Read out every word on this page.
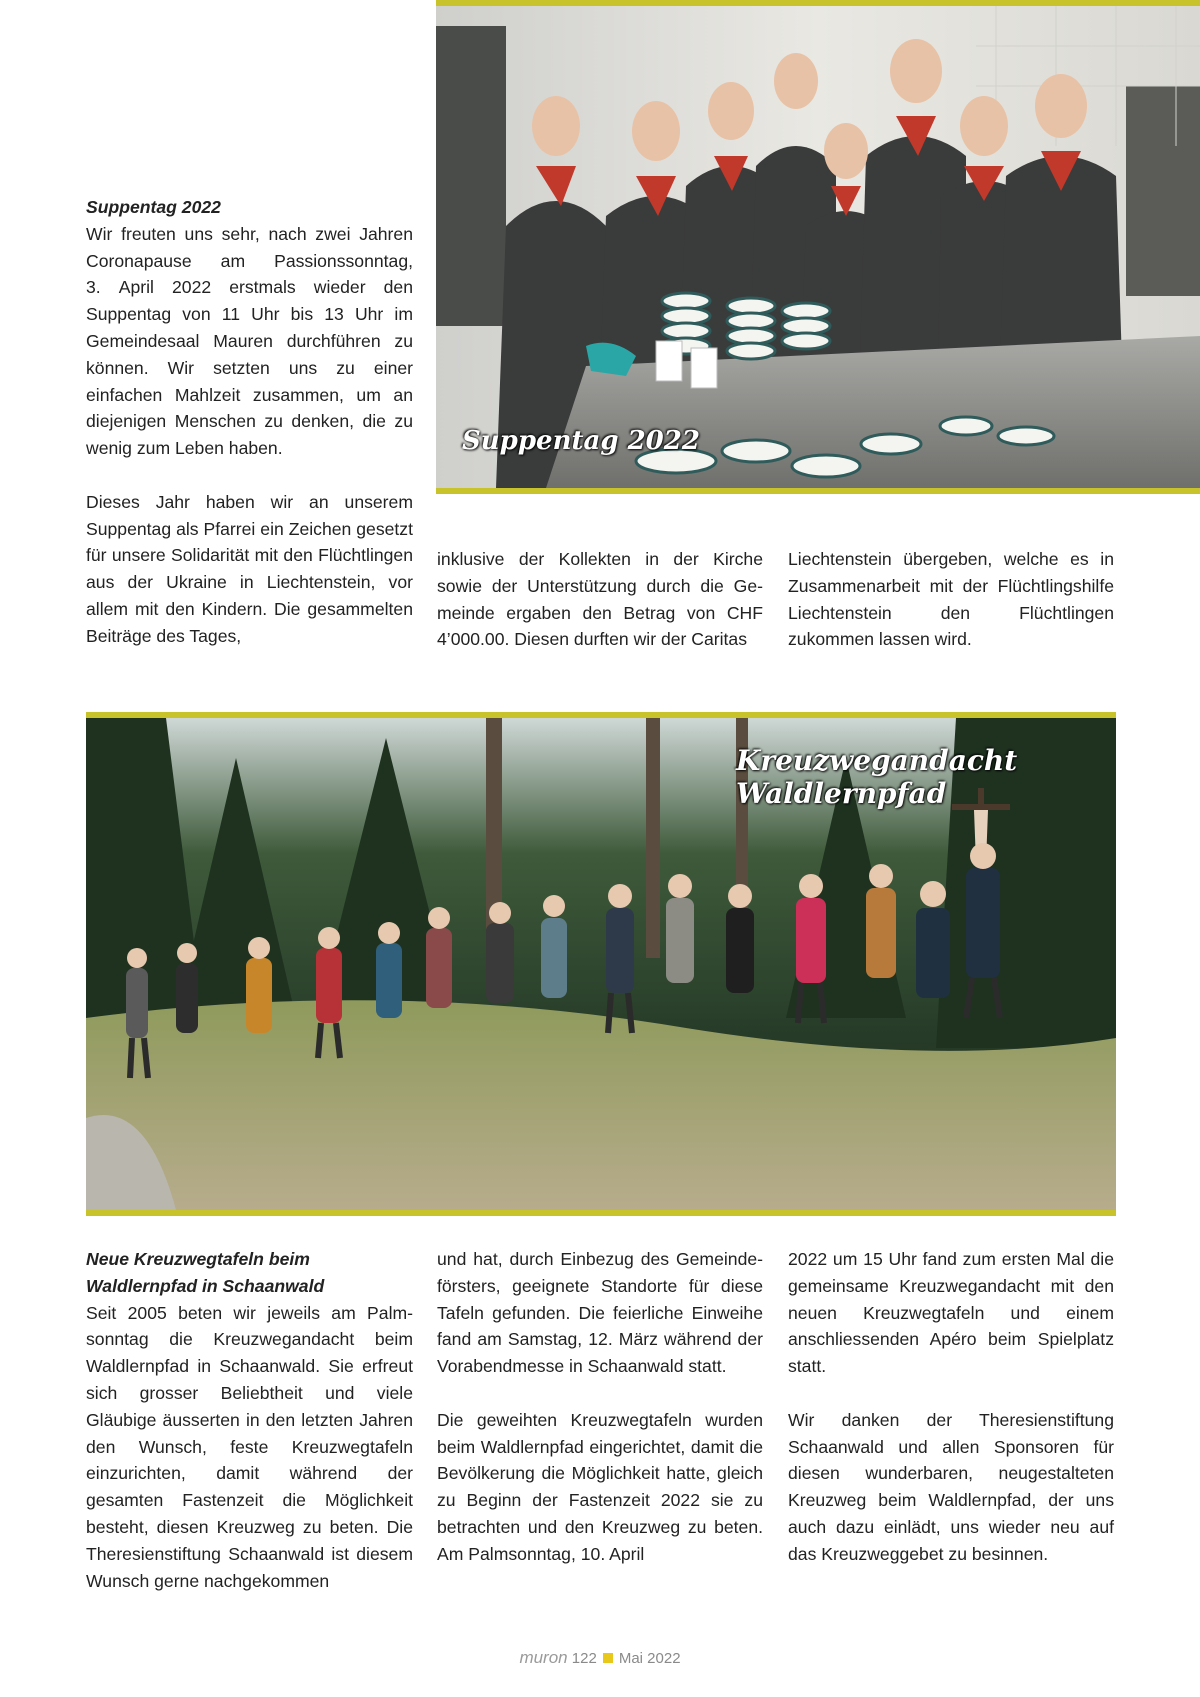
Suppentag 2022

Wir freuten uns sehr, nach zwei Jahren Coronapause am Passionssonntag, 3. April 2022 erstmals wieder den Suppentag von 11 Uhr bis 13 Uhr im Gemeindesaal Mauren durchführen zu können. Wir setzten uns zu einer einfachen Mahlzeit zusammen, um an diejenigen Menschen zu denken, die zu wenig zum Leben haben.

Dieses Jahr haben wir an unserem Suppentag als Pfarrei ein Zeichen gesetzt für unsere Solidarität mit den Flüchtlingen aus der Ukraine in Liechtenstein, vor allem mit den Kindern. Die gesammelten Beiträge des Tages,

Suppentag 2022

inklusive der Kollekten in der Kirche sowie der Unterstützung durch die Gemeinde ergaben den Betrag von CHF 4’000.00. Diesen durften wir der Caritas

Liechtenstein übergeben, welche es in Zusammenarbeit mit der Flüchtlingshilfe Liechtenstein den Flüchtlingen zukommen lassen wird.

Kreuzwegandacht Waldlernpfad

Neue Kreuzwegtafeln beim

Waldlernpfad in Schaanwald

Seit 2005 beten wir jeweils am Palmsonntag die Kreuzwegandacht beim Waldlernpfad in Schaanwald. Sie erfreut sich grosser Beliebtheit und viele Gläubige äusserten in den letzten Jahren den Wunsch, feste Kreuzwegtafeln einzurichten, damit während der gesamten Fastenzeit die Möglichkeit besteht, diesen Kreuzweg zu beten. Die Theresienstiftung Schaanwald ist diesem Wunsch gerne nachgekommen

und hat, durch Einbezug des Gemeindeförsters, geeignete Standorte für diese Tafeln gefunden. Die feierliche Einweihe fand am Samstag, 12. März während der Vorabendmesse in Schaanwald statt.

Die geweihten Kreuzwegtafeln wurden beim Waldlernpfad eingerichtet, damit die Bevölkerung die Möglichkeit hatte, gleich zu Beginn der Fastenzeit 2022 sie zu betrachten und den Kreuzweg zu beten. Am Palmsonntag, 10. April

2022 um 15 Uhr fand zum ersten Mal die gemeinsame Kreuzwegandacht mit den neuen Kreuzwegtafeln und einem anschliessenden Apéro beim Spielplatz statt.

Wir danken der Theresienstiftung Schaanwald und allen Sponsoren für diesen wunderbaren, neugestalteten Kreuzweg beim Waldlernpfad, der uns auch dazu einlädt, uns wieder neu auf das Kreuzweggebet zu besinnen.

muron 122 Mai 2022
